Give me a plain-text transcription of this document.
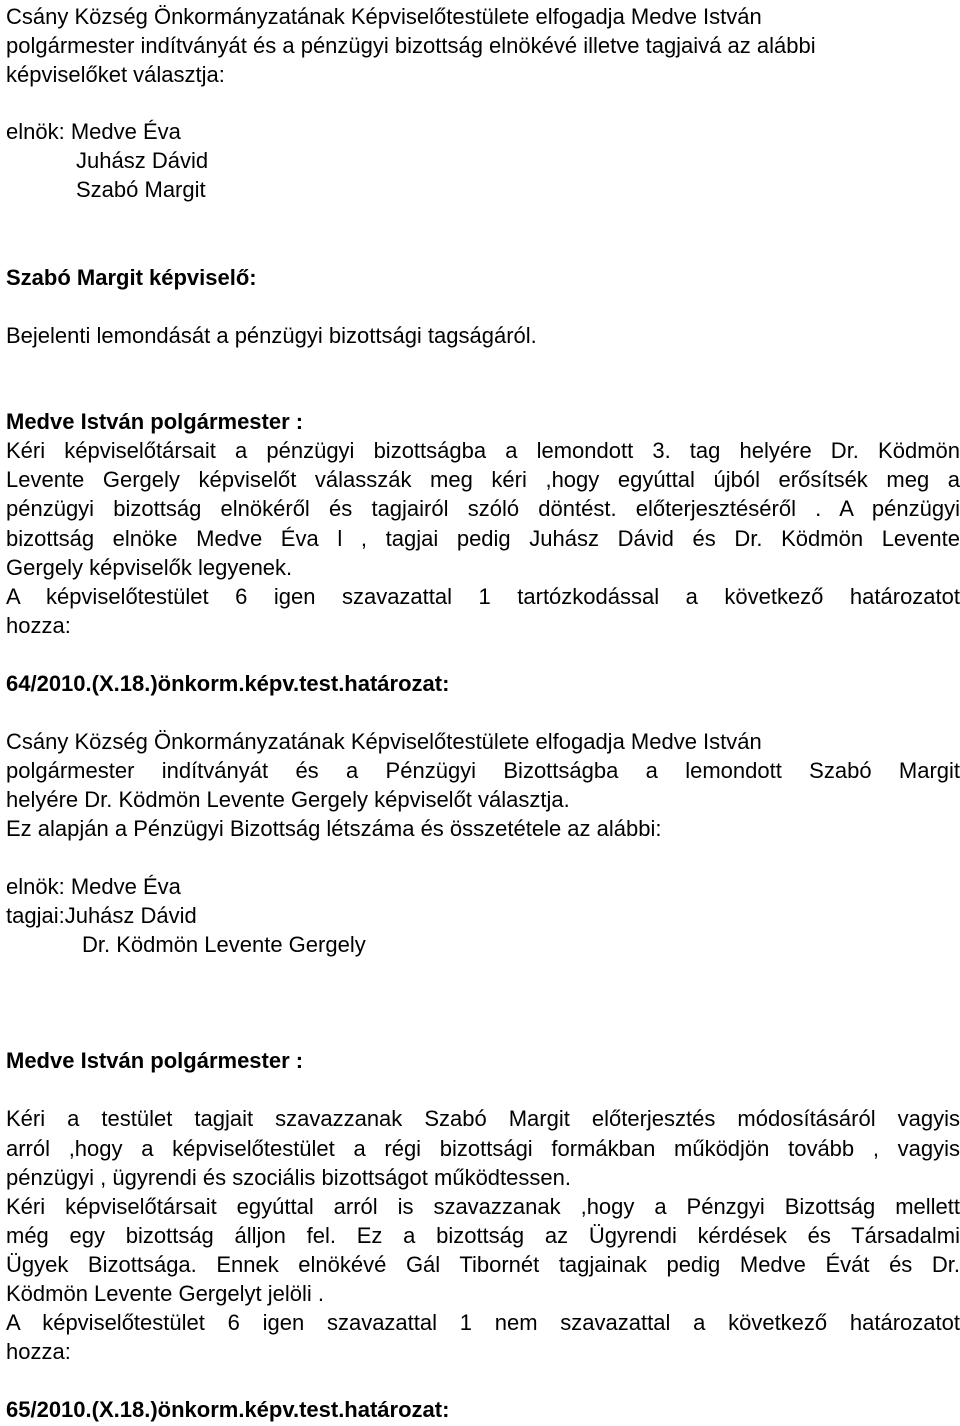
Csány Község Önkormányzatának Képviselőtestülete elfogadja Medve István
polgármester indítványát és a pénzügyi bizottság elnökévé illetve tagjaivá az alábbi
képviselőket választja:
elnök: Medve Éva
Juhász Dávid
Szabó Margit
Szabó Margit képviselő:
Bejelenti lemondását a pénzügyi bizottsági tagságáról.
Medve István polgármester :
Kéri képviselőtársait a pénzügyi bizottságba a lemondott 3. tag helyére Dr. Ködmön
Levente Gergely képviselőt válasszák meg kéri ,hogy egyúttal újból erősítsék meg a
pénzügyi bizottság elnökéről és tagjairól szóló döntést. előterjesztéséről . A pénzügyi
bizottság elnöke Medve Éva l , tagjai pedig Juhász Dávid és Dr. Ködmön Levente
Gergely képviselők legyenek.
A képviselőtestület 6 igen szavazattal 1 tartózkodással a következő határozatot
hozza:
64/2010.(X.18.)önkorm.képv.test.határozat:
Csány Község Önkormányzatának Képviselőtestülete elfogadja Medve István
polgármester indítványát és a Pénzügyi Bizottságba a lemondott Szabó Margit
helyére Dr. Ködmön Levente Gergely képviselőt választja.
Ez alapján a Pénzügyi Bizottság létszáma és összetétele az alábbi:
elnök: Medve Éva
tagjai:Juhász Dávid
Dr. Ködmön Levente Gergely
Medve István polgármester :
Kéri a testület tagjait szavazzanak Szabó Margit előterjesztés módosításáról vagyis
arról ,hogy a képviselőtestület a régi bizottsági formákban működjön tovább , vagyis
pénzügyi , ügyrendi és szociális bizottságot működtessen.
Kéri képviselőtársait egyúttal arról is szavazzanak ,hogy a Pénzgyi Bizottság mellett
még egy bizottság álljon fel. Ez a bizottság az Ügyrendi kérdések és Társadalmi
Ügyek Bizottsága. Ennek elnökévé Gál Tibornét tagjainak pedig Medve Évát és Dr.
Ködmön Levente Gergelyt jelöli .
A képviselőtestület 6 igen szavazattal 1 nem szavazattal a következő határozatot
hozza:
65/2010.(X.18.)önkorm.képv.test.határozat:
